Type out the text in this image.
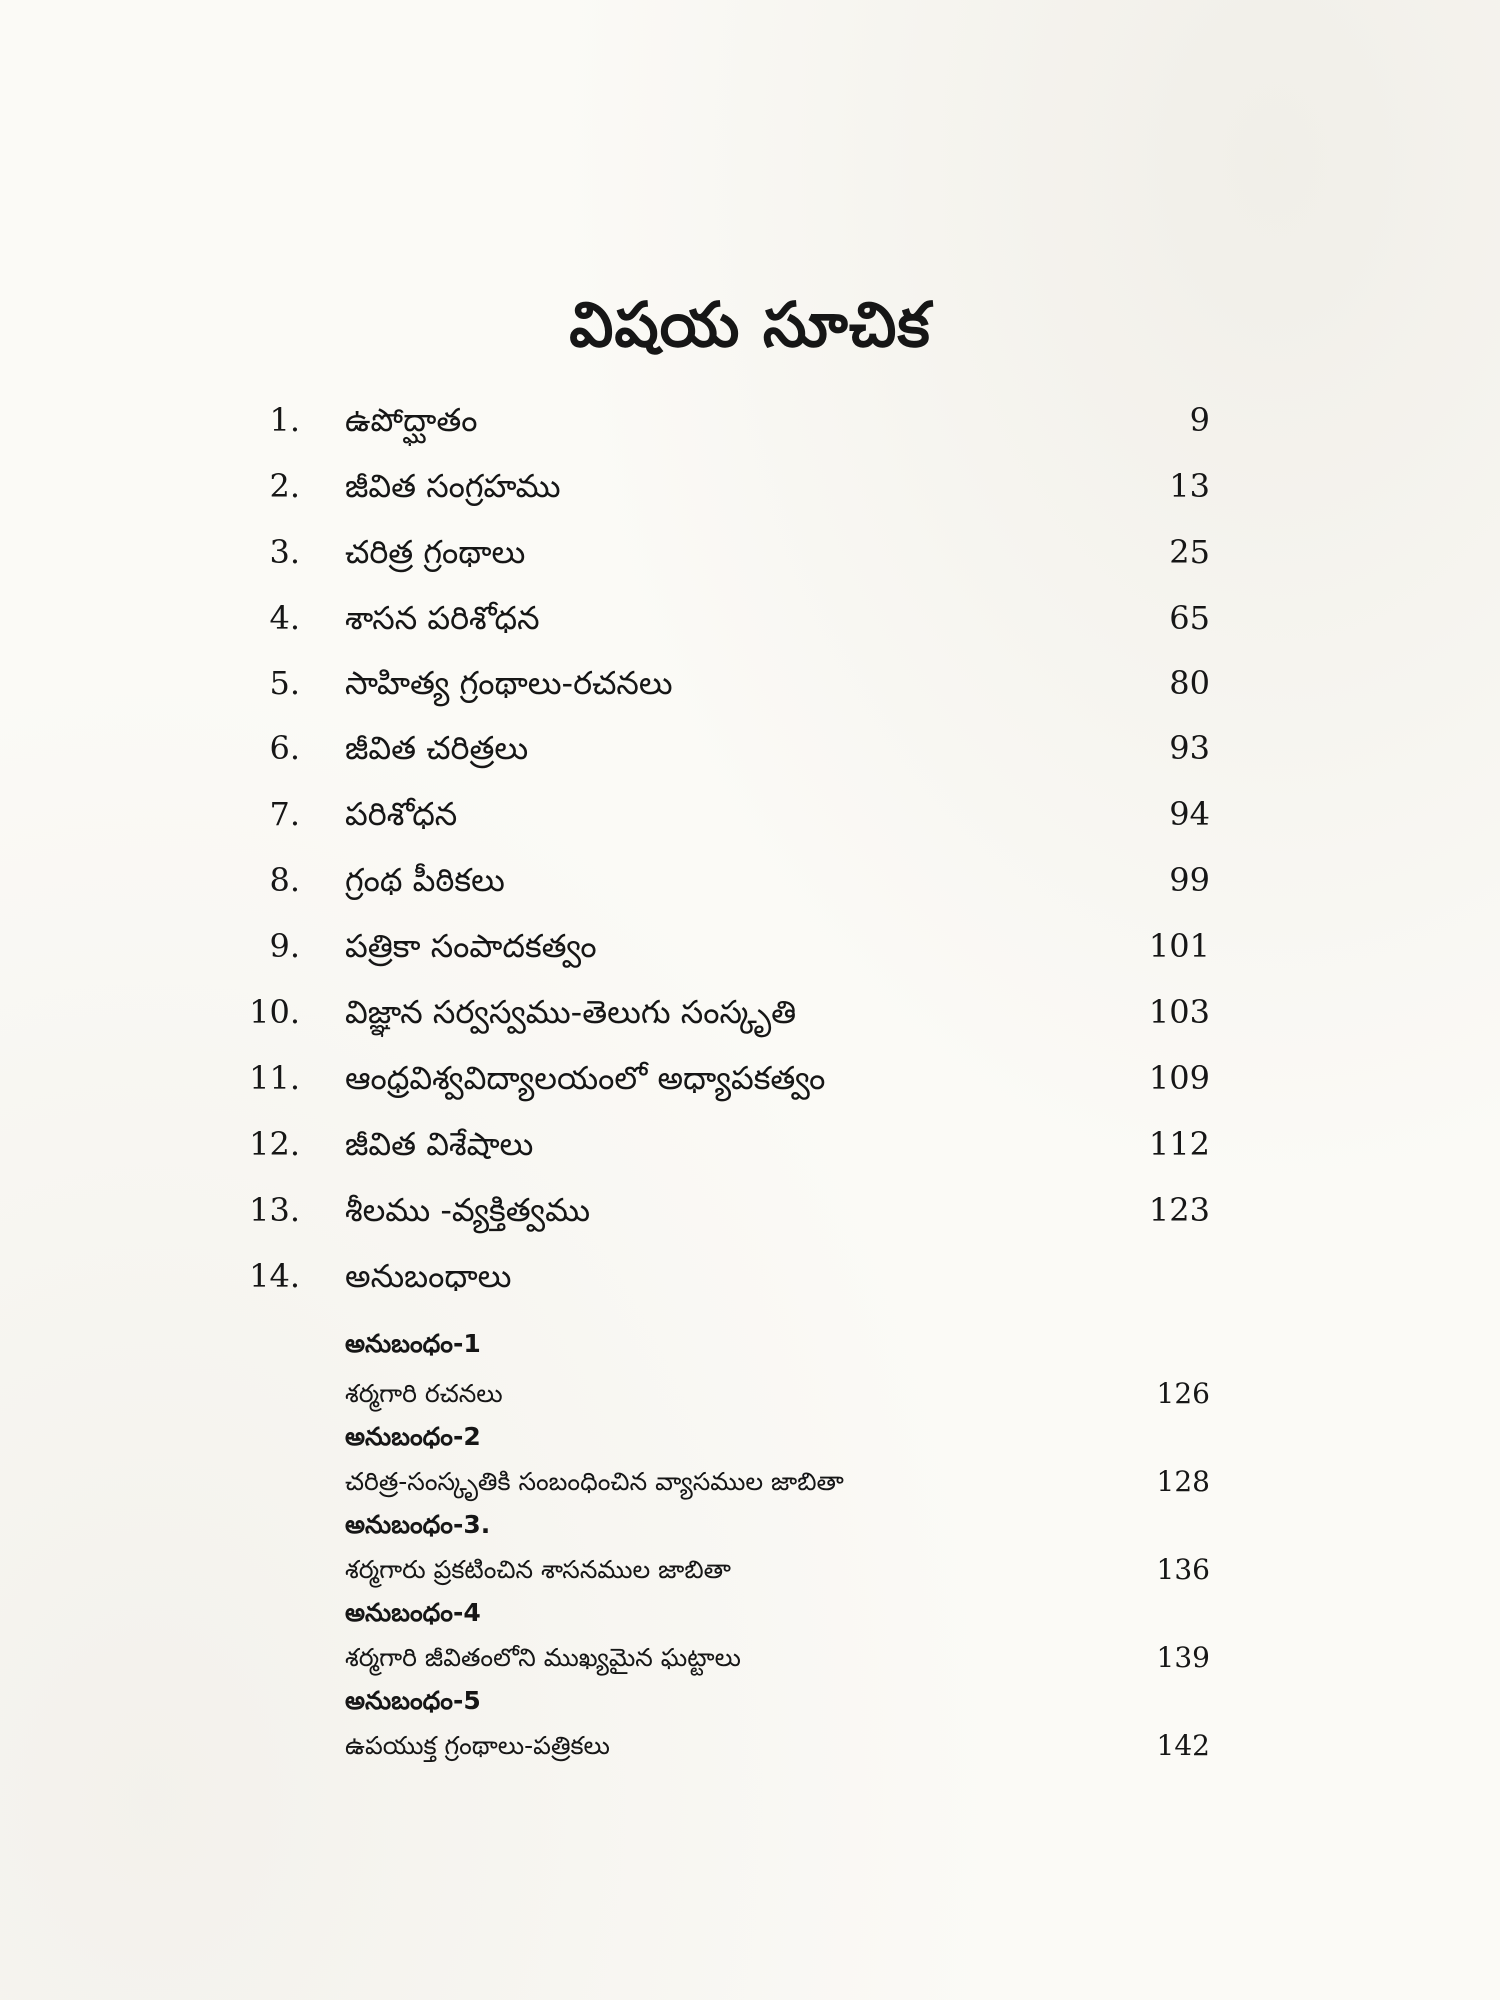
విషయ సూచిక
1. ఉపోద్ఘాతం	9
2. జీవిత సంగ్రహము	13
3. చరిత్ర గ్రంథాలు	25
4. శాసన పరిశోధన	65
5. సాహిత్య గ్రంథాలు-రచనలు	80
6. జీవిత చరిత్రలు	93
7. పరిశోధన	94
8. గ్రంథ పీఠికలు	99
9. పత్రికా సంపాదకత్వం	101
10. విజ్ఞాన సర్వస్వము-తెలుగు సంస్కృతి	103
11. ఆంధ్రవిశ్వవిద్యాలయంలో అధ్యాపకత్వం	109
12. జీవిత విశేషాలు	112
13. శీలము -వ్యక్తిత్వము	123
14. అనుబంధాలు
అనుబంధం-1
శర్మగారి రచనలు	126
అనుబంధం-2
చరిత్ర-సంస్కృతికి సంబంధించిన వ్యాసముల జాబితా	128
అనుబంధం-3.
శర్మగారు ప్రకటించిన శాసనముల జాబితా	136
అనుబంధం-4
శర్మగారి జీవితంలోని ముఖ్యమైన ఘట్టాలు	139
అనుబంధం-5
ఉపయుక్త గ్రంథాలు-పత్రికలు	142
